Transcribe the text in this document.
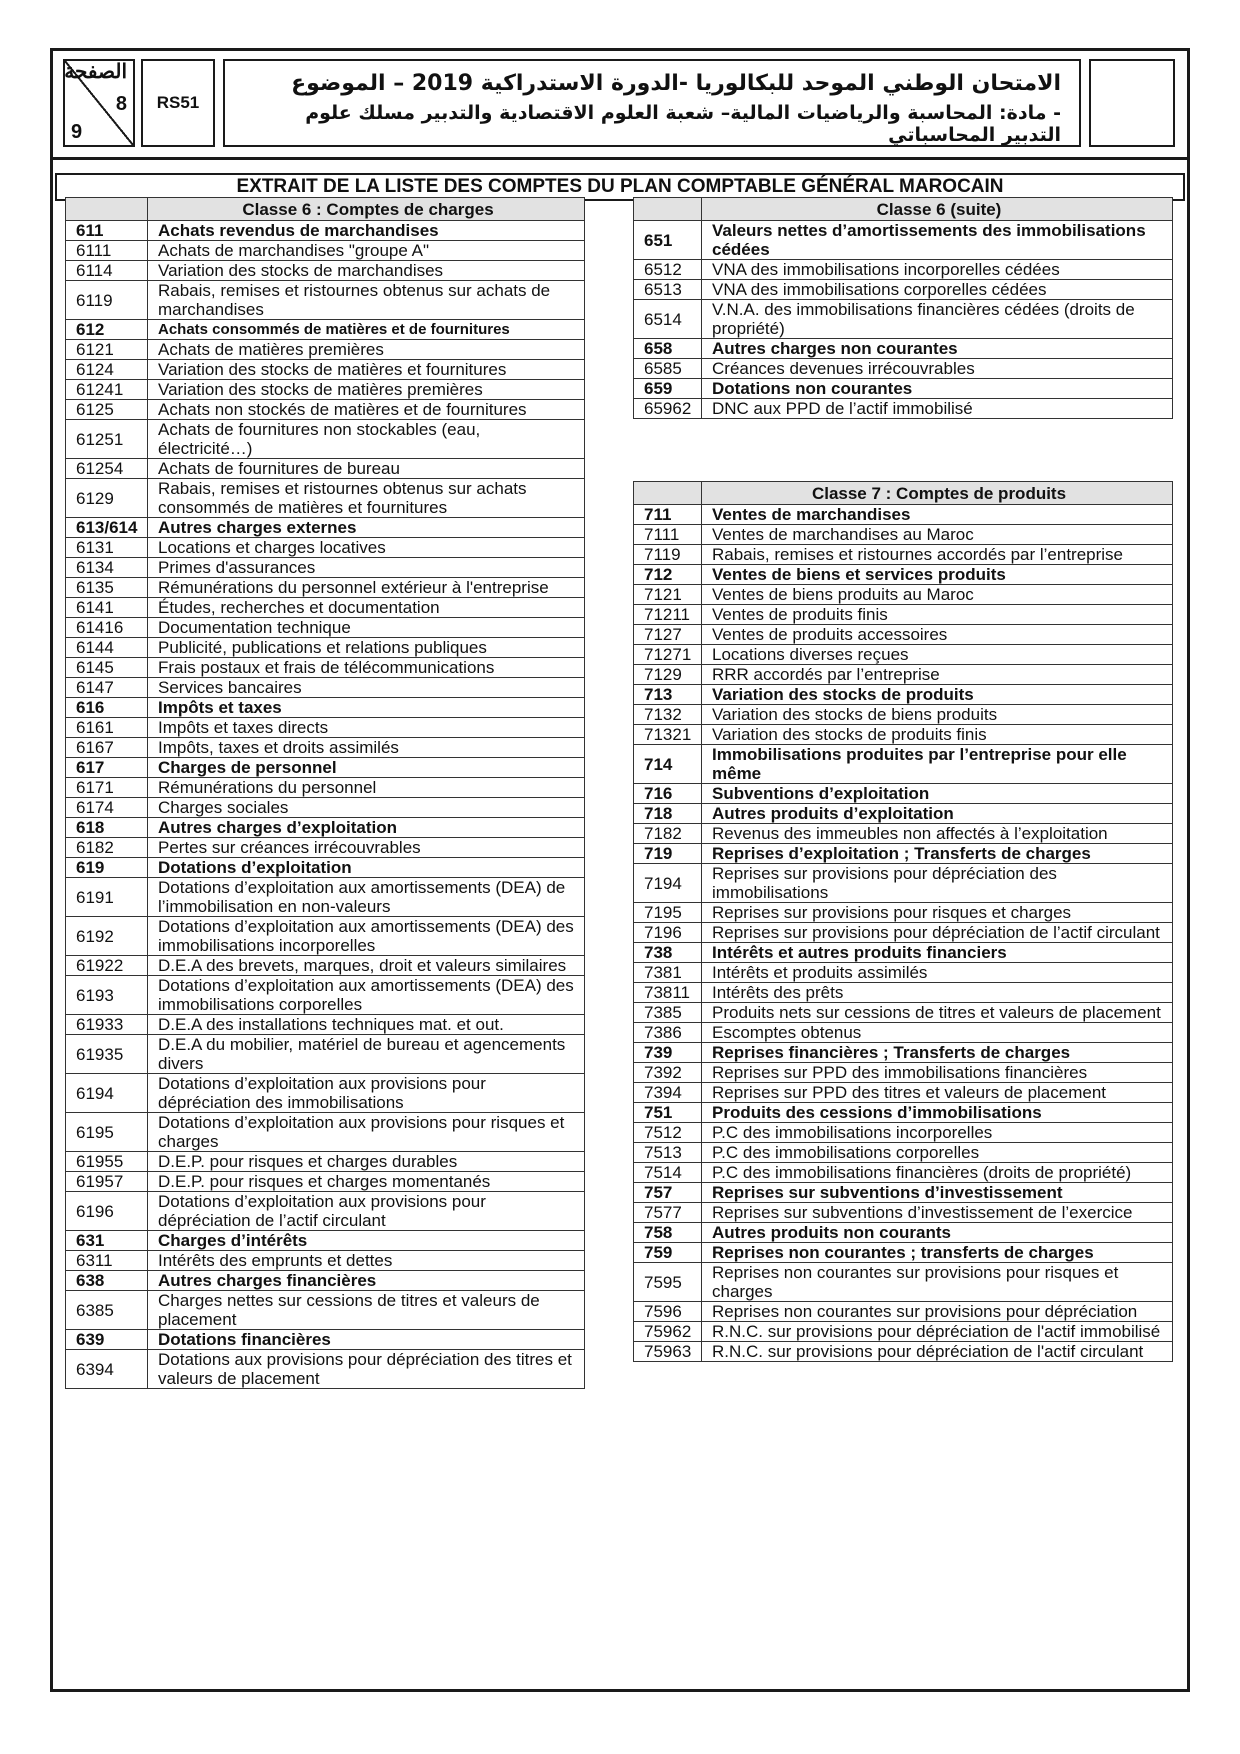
الصفحة
8
9
RS51
الامتحان الوطني الموحد للبكالوريا -الدورة الاستدراكية 2019 – الموضوع
- مادة: المحاسبة والرياضيات المالية– شعبة العلوم الاقتصادية والتدبير مسلك علوم التدبير المحاسباتي
EXTRAIT DE LA LISTE DES COMPTES DU PLAN COMPTABLE GÉNÉRAL MAROCAIN
	Classe 6 : Comptes de charges
611	Achats revendus de marchandises
6111	Achats de marchandises "groupe A"
6114	Variation des stocks de marchandises
6119	Rabais, remises et ristournes obtenus sur achats de marchandises
612	Achats consommés de matières et de fournitures
6121	Achats de matières premières
6124	Variation des stocks de matières et fournitures
61241	Variation des stocks de matières premières
6125	Achats non stockés de matières et de fournitures
61251	Achats de fournitures non stockables (eau, électricité…)
61254	Achats de fournitures de bureau
6129	Rabais, remises et ristournes obtenus sur achats consommés de matières et fournitures
613/614	Autres charges externes
6131	Locations et charges locatives
6134	Primes d'assurances
6135	Rémunérations du personnel extérieur à l'entreprise
6141	Études, recherches et documentation
61416	Documentation technique
6144	Publicité, publications et relations publiques
6145	Frais postaux et frais de télécommunications
6147	Services bancaires
616	Impôts et taxes
6161	Impôts et taxes directs
6167	Impôts, taxes et droits assimilés
617	Charges de personnel
6171	Rémunérations du personnel
6174	Charges sociales
618	Autres charges d’exploitation
6182	Pertes sur créances irrécouvrables
619	Dotations d’exploitation
6191	Dotations d’exploitation aux amortissements (DEA) de l’immobilisation en non-valeurs
6192	Dotations d’exploitation aux amortissements (DEA) des immobilisations incorporelles
61922	D.E.A des brevets, marques, droit et valeurs similaires
6193	Dotations d’exploitation aux amortissements (DEA) des immobilisations corporelles
61933	D.E.A des installations techniques mat. et out.
61935	D.E.A du mobilier, matériel de bureau et agencements divers
6194	Dotations d’exploitation aux provisions pour dépréciation des immobilisations
6195	Dotations d’exploitation aux provisions pour risques et charges
61955	D.E.P. pour risques et charges durables
61957	D.E.P. pour risques et charges momentanés
6196	Dotations d’exploitation aux provisions pour dépréciation de l’actif circulant
631	Charges d’intérêts
6311	Intérêts des emprunts et dettes
638	Autres charges financières
6385	Charges nettes sur cessions de titres et valeurs de placement
639	Dotations financières
6394	Dotations aux provisions pour dépréciation des titres et valeurs de placement
	Classe 6 (suite)
651	Valeurs nettes d’amortissements des immobilisations cédées
6512	VNA des immobilisations incorporelles cédées
6513	VNA des immobilisations corporelles cédées
6514	V.N.A. des immobilisations financières cédées (droits de propriété)
658	Autres charges non courantes
6585	Créances devenues irrécouvrables
659	Dotations non courantes
65962	DNC aux PPD de l’actif immobilisé
	Classe 7 : Comptes de produits
711	Ventes de marchandises
7111	Ventes de marchandises au Maroc
7119	Rabais, remises et ristournes accordés par l’entreprise
712	Ventes de biens et services produits
7121	Ventes de biens produits au Maroc
71211	Ventes de produits finis
7127	Ventes de produits accessoires
71271	Locations diverses reçues
7129	RRR accordés par l’entreprise
713	Variation des stocks de produits
7132	Variation des stocks de biens produits
71321	Variation des stocks de produits finis
714	Immobilisations produites par l’entreprise pour elle même
716	Subventions d’exploitation
718	Autres produits d’exploitation
7182	Revenus des immeubles non affectés à l’exploitation
719	Reprises d’exploitation ; Transferts de charges
7194	Reprises sur provisions pour dépréciation des immobilisations
7195	Reprises sur provisions pour risques et charges
7196	Reprises sur provisions pour dépréciation de l’actif circulant
738	Intérêts et autres produits financiers
7381	Intérêts et produits assimilés
73811	Intérêts des prêts
7385	Produits nets sur cessions de titres et valeurs de placement
7386	Escomptes obtenus
739	Reprises financières ; Transferts de charges
7392	Reprises sur PPD des immobilisations financières
7394	Reprises sur PPD des titres et valeurs de placement
751	Produits des cessions d’immobilisations
7512	P.C des immobilisations incorporelles
7513	P.C des immobilisations corporelles
7514	P.C des immobilisations financières (droits de propriété)
757	Reprises sur subventions d’investissement
7577	Reprises sur subventions d’investissement de l’exercice
758	Autres produits non courants
759	Reprises non courantes ; transferts de charges
7595	Reprises non courantes sur provisions pour risques et charges
7596	Reprises non courantes sur provisions pour dépréciation
75962	R.N.C. sur provisions pour dépréciation de l'actif immobilisé
75963	R.N.C. sur provisions pour dépréciation de l'actif circulant
